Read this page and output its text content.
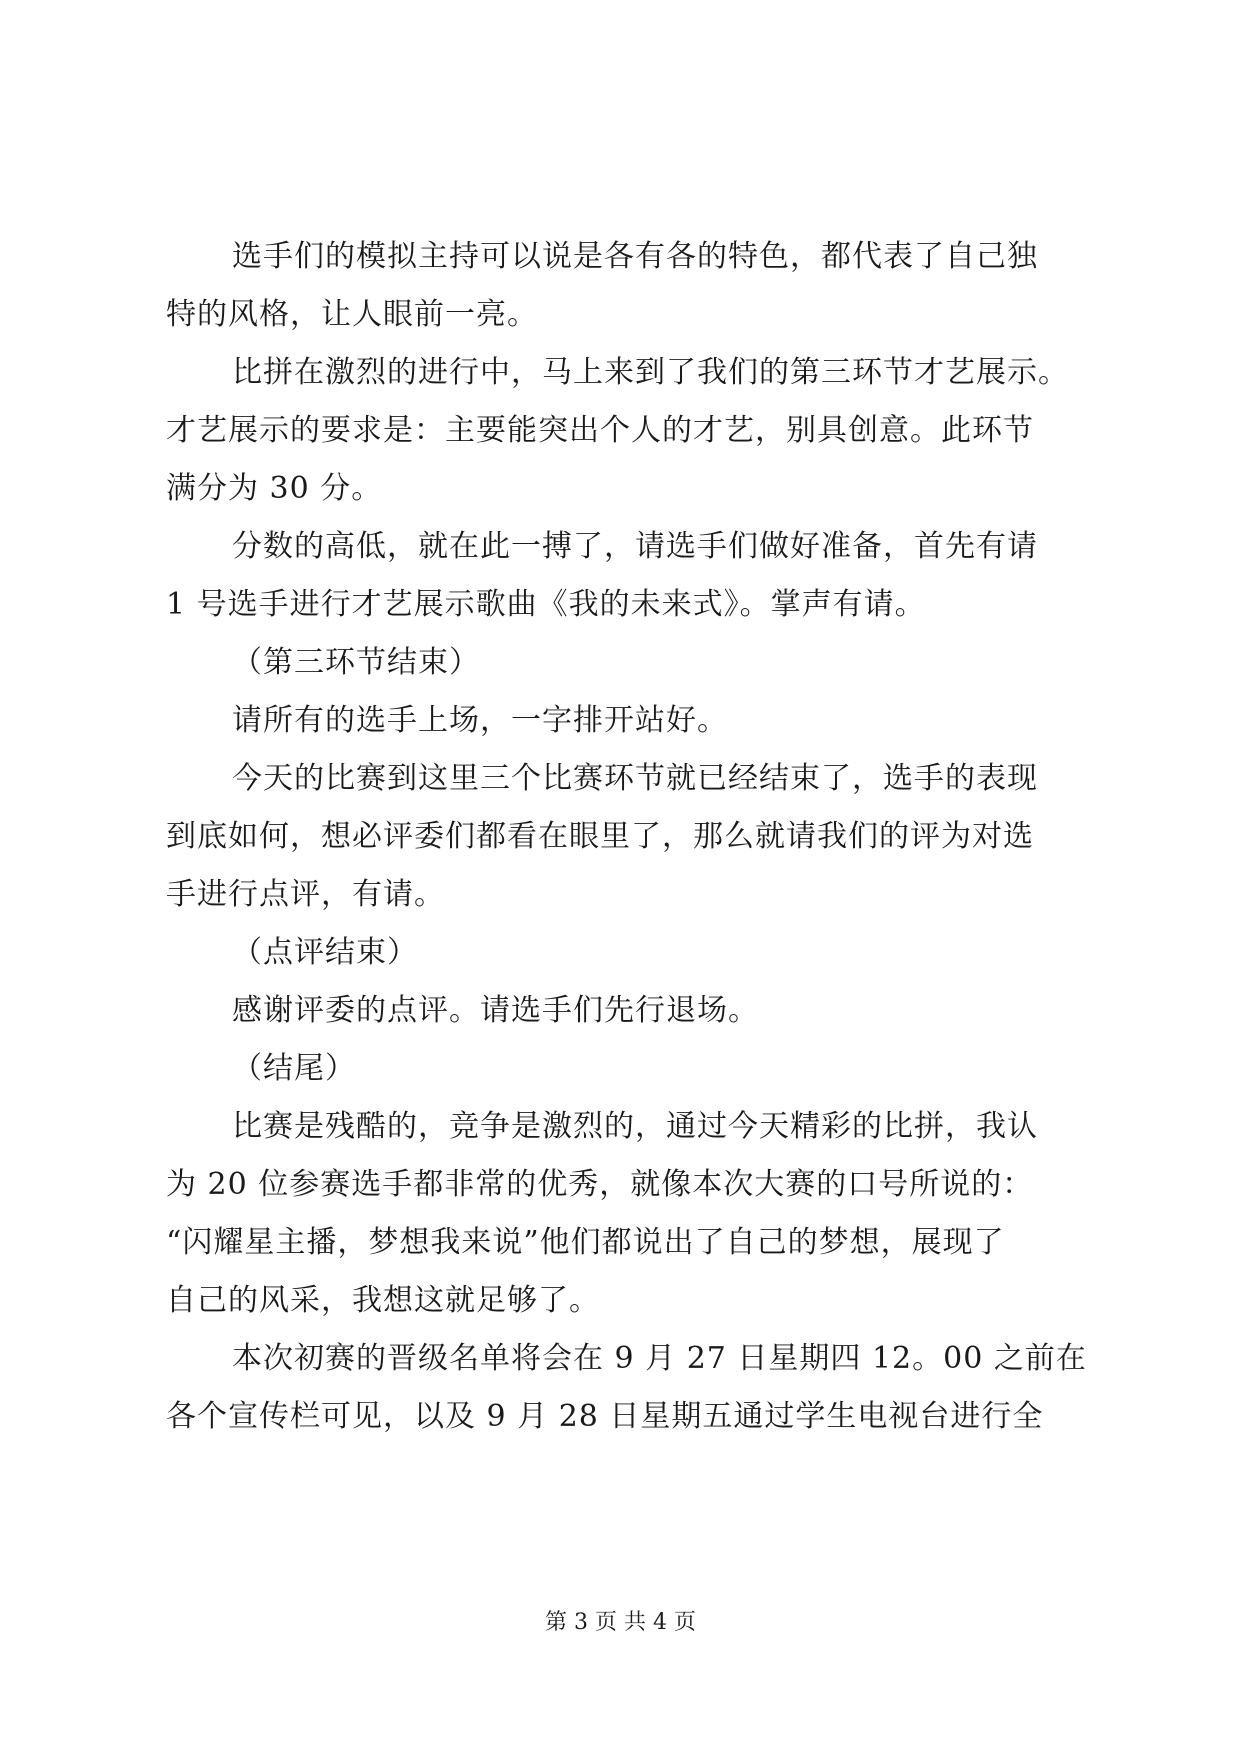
选手们的模拟主持可以说是各有各的特色，都代表了自己独
特的风格，让人眼前一亮。
比拼在激烈的进行中，马上来到了我们的第三环节才艺展示。
才艺展示的要求是：主要能突出个人的才艺，别具创意。此环节
满分为 30 分。
分数的高低，就在此一搏了，请选手们做好准备，首先有请
1 号选手进行才艺展示歌曲《我的未来式》。掌声有请。
（第三环节结束）
请所有的选手上场，一字排开站好。
今天的比赛到这里三个比赛环节就已经结束了，选手的表现
到底如何，想必评委们都看在眼里了，那么就请我们的评为对选
手进行点评，有请。
（点评结束）
感谢评委的点评。请选手们先行退场。
（结尾）
比赛是残酷的，竞争是激烈的，通过今天精彩的比拼，我认
为 20 位参赛选手都非常的优秀，就像本次大赛的口号所说的：
“闪耀星主播，梦想我来说”他们都说出了自己的梦想，展现了
自己的风采，我想这就足够了。
本次初赛的晋级名单将会在 9 月 27 日星期四 12。00 之前在
各个宣传栏可见，以及 9 月 28 日星期五通过学生电视台进行全
第 3 页 共 4 页
